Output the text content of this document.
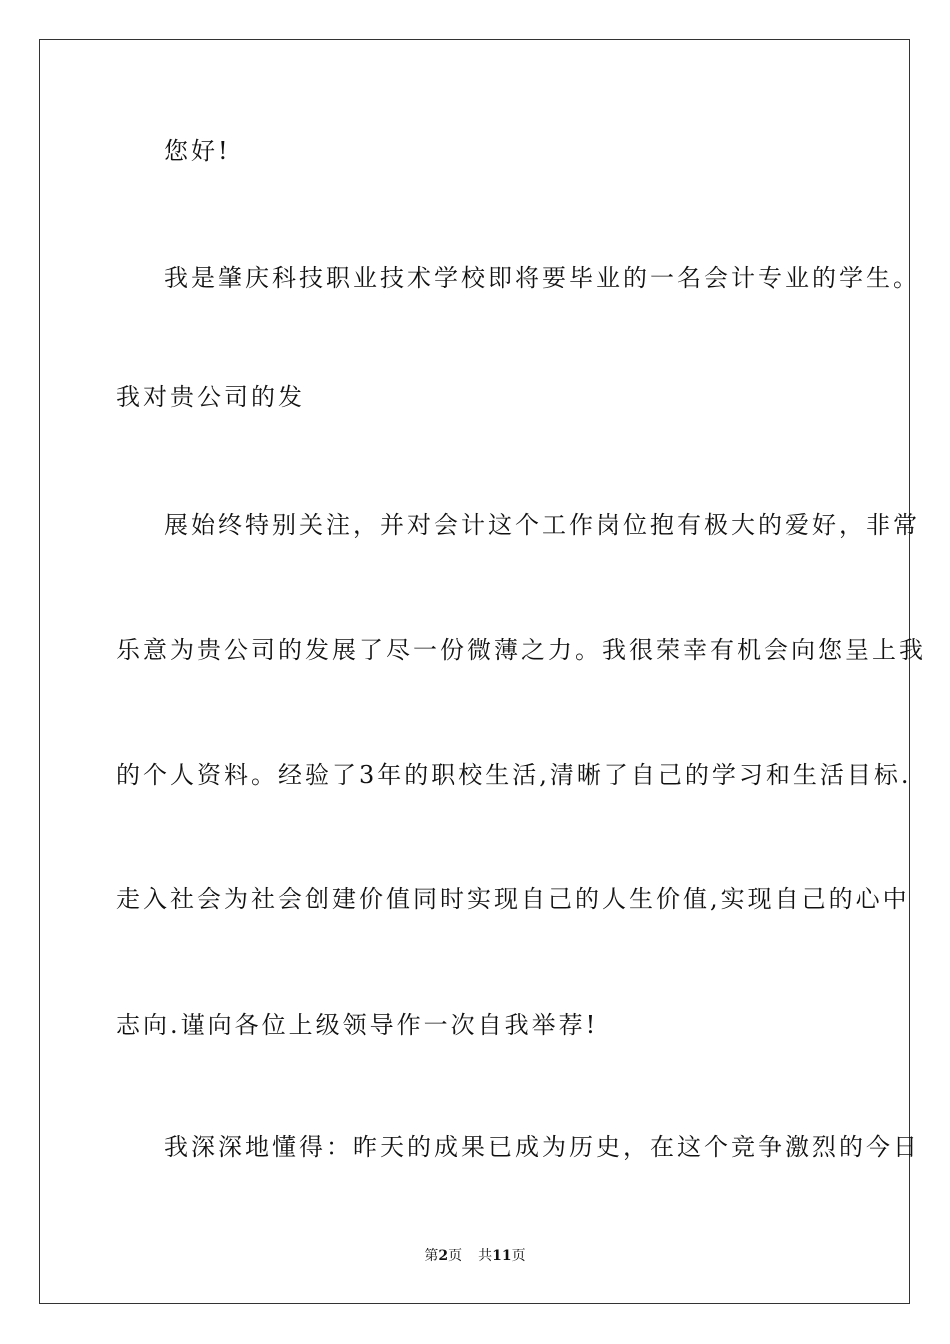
您好!
我是肇庆科技职业技术学校即将要毕业的一名会计专业的学生。
我对贵公司的发
展始终特别关注，并对会计这个工作岗位抱有极大的爱好，非常
乐意为贵公司的发展了尽一份微薄之力。我很荣幸有机会向您呈上我
的个人资料。经验了3年的职校生活,清晰了自己的学习和生活目标.
走入社会为社会创建价值同时实现自己的人生价值,实现自己的心中
志向.谨向各位上级领导作一次自我举荐!
我深深地懂得：昨天的成果已成为历史，在这个竞争激烈的今日
第2页 共11页
